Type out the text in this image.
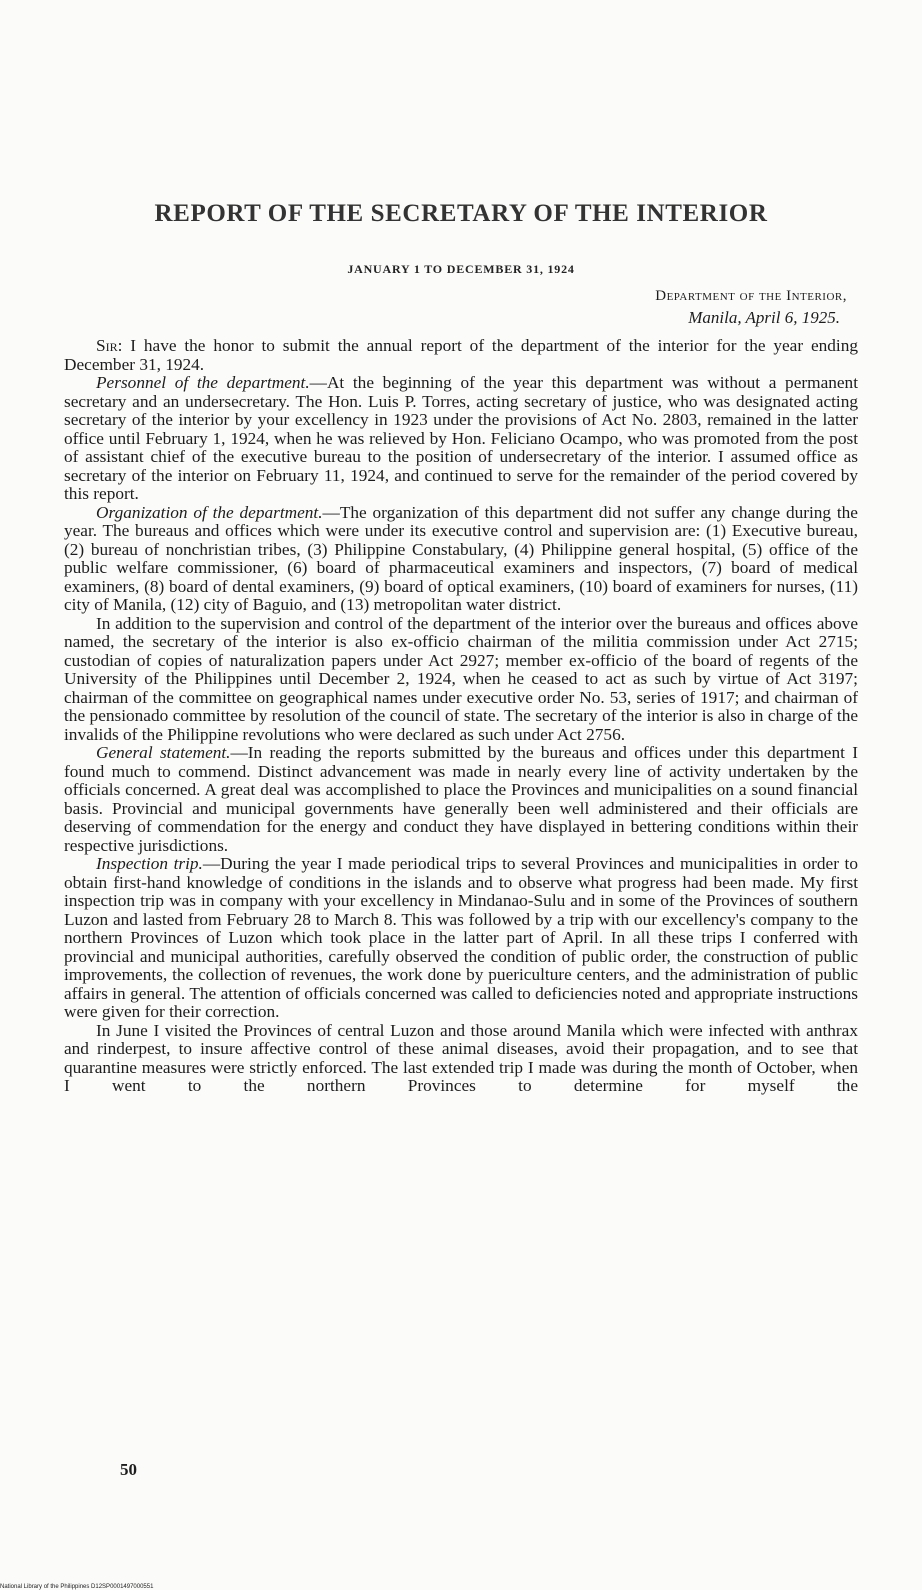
REPORT OF THE SECRETARY OF THE INTERIOR
JANUARY 1 TO DECEMBER 31, 1924
Department of the Interior,
Manila, April 6, 1925.

Sir: I have the honor to submit the annual report of the department of the interior for the year ending December 31, 1924.

Personnel of the department.—At the beginning of the year this department was without a permanent secretary and an undersecretary. The Hon. Luis P. Torres, acting secretary of justice, who was designated acting secretary of the interior by your excellency in 1923 under the provisions of Act No. 2803, remained in the latter office until February 1, 1924, when he was relieved by Hon. Feliciano Ocampo, who was promoted from the post of assistant chief of the executive bureau to the position of undersecretary of the interior. I assumed office as secretary of the interior on February 11, 1924, and continued to serve for the remainder of the period covered by this report.

Organization of the department.—The organization of this department did not suffer any change during the year. The bureaus and offices which were under its executive control and supervision are: (1) Executive bureau, (2) bureau of nonchristian tribes, (3) Philippine Constabulary, (4) Philippine general hospital, (5) office of the public welfare commissioner, (6) board of pharmaceutical examiners and inspectors, (7) board of medical examiners, (8) board of dental examiners, (9) board of optical examiners, (10) board of examiners for nurses, (11) city of Manila, (12) city of Baguio, and (13) metropolitan water district.

In addition to the supervision and control of the department of the interior over the bureaus and offices above named, the secretary of the interior is also ex-officio chairman of the militia commission under Act 2715; custodian of copies of naturalization papers under Act 2927; member ex-officio of the board of regents of the University of the Philippines until December 2, 1924, when he ceased to act as such by virtue of Act 3197; chairman of the committee on geographical names under executive order No. 53, series of 1917; and chairman of the pensionado committee by resolution of the council of state. The secretary of the interior is also in charge of the invalids of the Philippine revolutions who were declared as such under Act 2756.

General statement.—In reading the reports submitted by the bureaus and offices under this department I found much to commend. Distinct advancement was made in nearly every line of activity undertaken by the officials concerned. A great deal was accomplished to place the Provinces and municipalities on a sound financial basis. Provincial and municipal governments have generally been well administered and their officials are deserving of commendation for the energy and conduct they have displayed in bettering conditions within their respective jurisdictions.

Inspection trip.—During the year I made periodical trips to several Provinces and municipalities in order to obtain first-hand knowledge of conditions in the islands and to observe what progress had been made. My first inspection trip was in company with your excellency in Mindanao-Sulu and in some of the Provinces of southern Luzon and lasted from February 28 to March 8. This was followed by a trip with our excellency's company to the northern Provinces of Luzon which took place in the latter part of April. In all these trips I conferred with provincial and municipal authorities, carefully observed the condition of public order, the construction of public improvements, the collection of revenues, the work done by puericulture centers, and the administration of public affairs in general. The attention of officials concerned was called to deficiencies noted and appropriate instructions were given for their correction.

In June I visited the Provinces of central Luzon and those around Manila which were infected with anthrax and rinderpest, to insure affective control of these animal diseases, avoid their propagation, and to see that quarantine measures were strictly enforced. The last extended trip I made was during the month of October, when I went to the northern Provinces to determine for myself the

50
National Library of the Philippines D12SP0001497000551
